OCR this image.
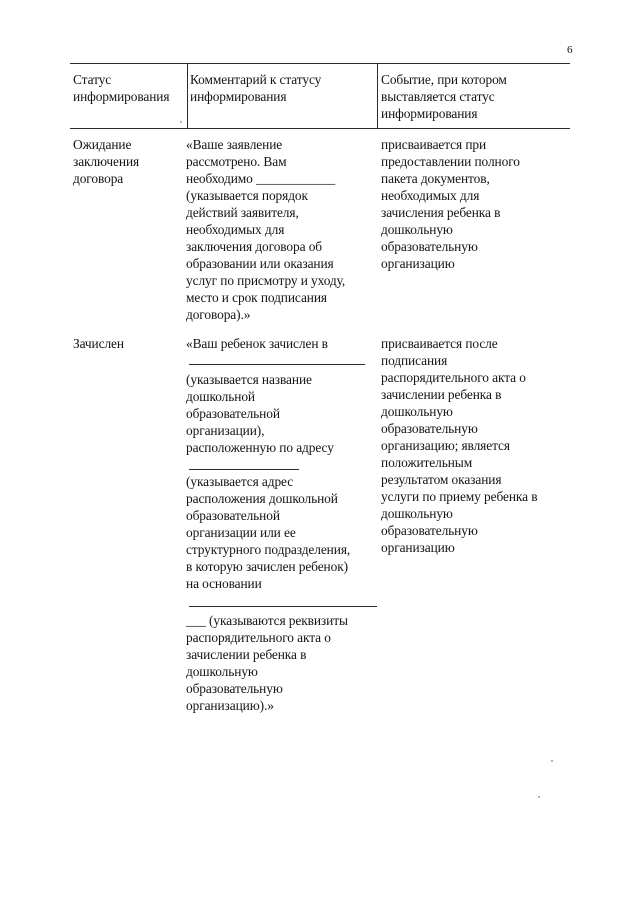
6
Статус
информирования
Комментарий к статусу
информирования
Событие, при котором
выставляется статус
информирования
Ожидание
заключения
договора
«Ваше заявление
рассмотрено. Вам
необходимо ____________
(указывается порядок
действий заявителя,
необходимых для
заключения договора об
образовании или оказания
услуг по присмотру и уходу,
место и срок подписания
договора).»
присваивается при
предоставлении полного
пакета документов,
необходимых для
зачисления ребенка в
дошкольную
образовательную
организацию
Зачислен	«Ваш ребенок зачислен в
(указывается название
дошкольной
образовательной
организации),
расположенную по адресу
(указывается адрес
расположения дошкольной
образовательной
организации или ее
структурного подразделения,
в которую зачислен ребенок)
на основании
___ (указываются реквизиты
распорядительного акта о
зачислении ребенка в
дошкольную
образовательную
организацию).»
присваивается после
подписания
распорядительного акта о
зачислении ребенка в
дошкольную
образовательную
организацию; является
положительным
результатом оказания
услуги по приему ребенка в
дошкольную
образовательную
организацию
